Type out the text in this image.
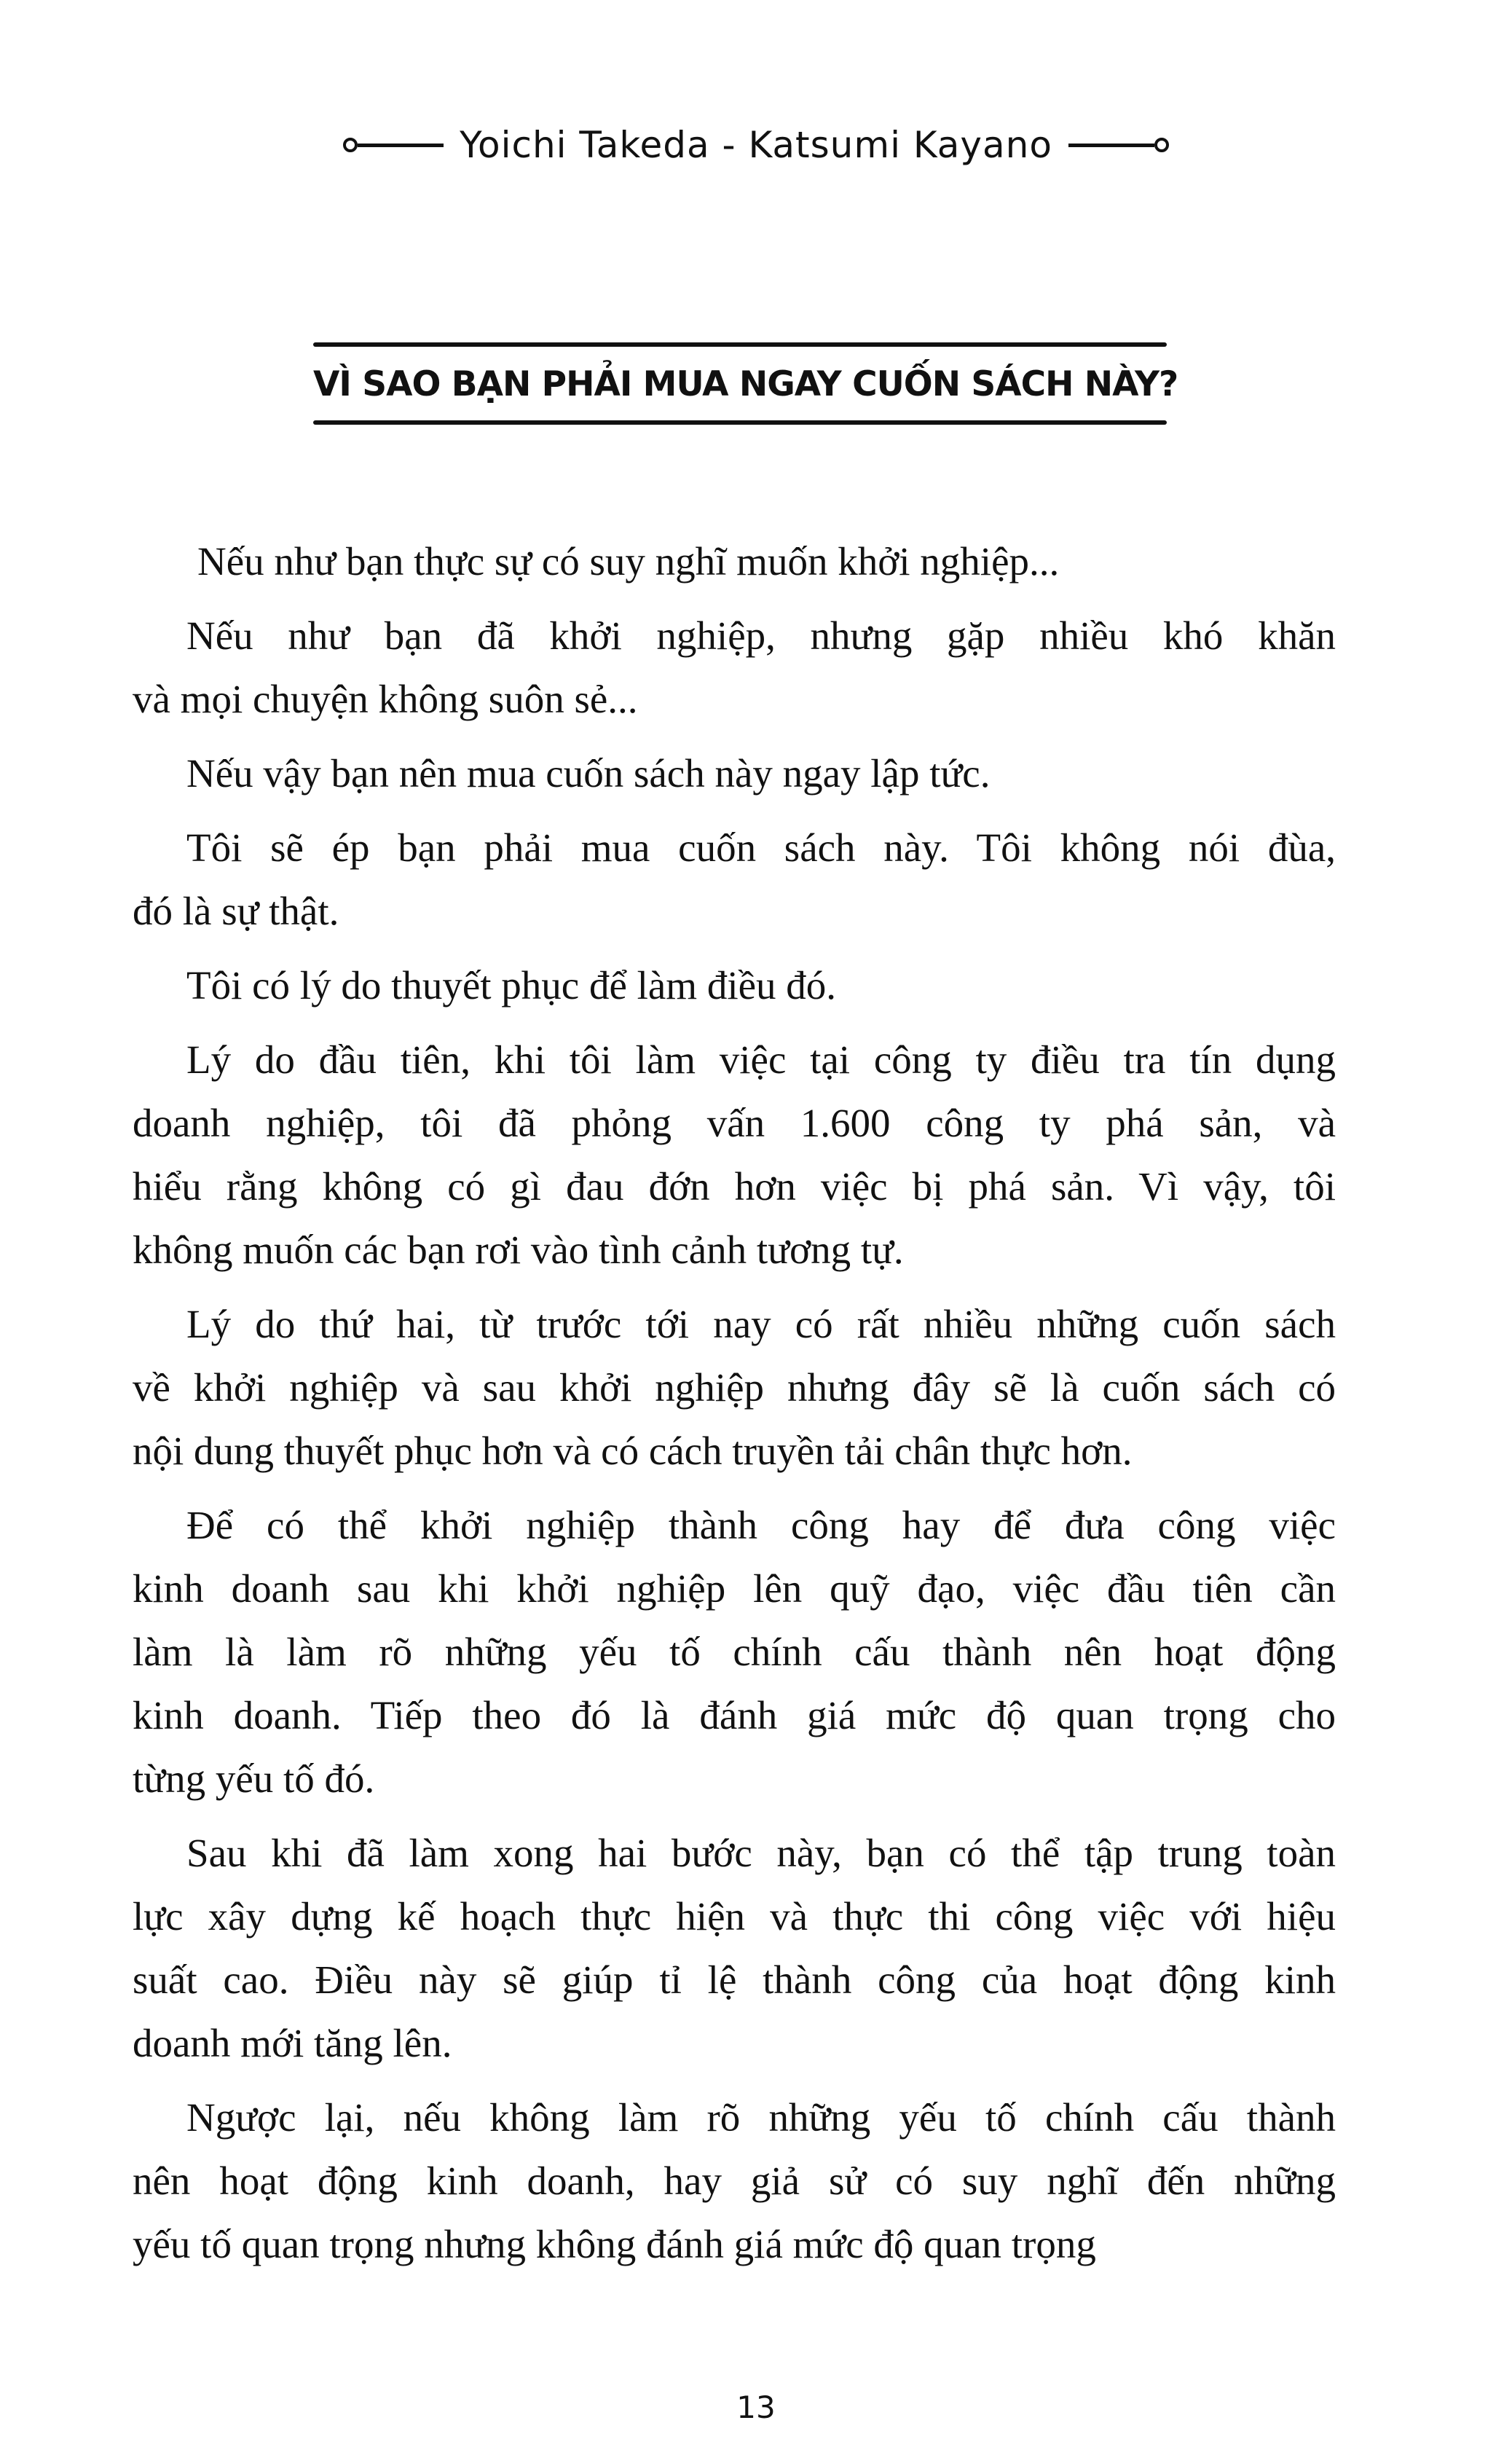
Yoichi Takeda - Katsumi Kayano
VÌ SAO BẠN PHẢI MUA NGAY CUỐN SÁCH NÀY?
Nếu như bạn thực sự có suy nghĩ muốn khởi nghiệp...
Nếu như bạn đã khởi nghiệp, nhưng gặp nhiều khó khăn
và mọi chuyện không suôn sẻ...
Nếu vậy bạn nên mua cuốn sách này ngay lập tức.
Tôi sẽ ép bạn phải mua cuốn sách này. Tôi không nói đùa,
đó là sự thật.
Tôi có lý do thuyết phục để làm điều đó.
Lý do đầu tiên, khi tôi làm việc tại công ty điều tra tín dụng
doanh nghiệp, tôi đã phỏng vấn 1.600 công ty phá sản, và
hiểu rằng không có gì đau đớn hơn việc bị phá sản. Vì vậy, tôi
không muốn các bạn rơi vào tình cảnh tương tự.
Lý do thứ hai, từ trước tới nay có rất nhiều những cuốn sách
về khởi nghiệp và sau khởi nghiệp nhưng đây sẽ là cuốn sách có
nội dung thuyết phục hơn và có cách truyền tải chân thực hơn.
Để có thể khởi nghiệp thành công hay để đưa công việc
kinh doanh sau khi khởi nghiệp lên quỹ đạo, việc đầu tiên cần
làm là làm rõ những yếu tố chính cấu thành nên hoạt động
kinh doanh. Tiếp theo đó là đánh giá mức độ quan trọng cho
từng yếu tố đó.
Sau khi đã làm xong hai bước này, bạn có thể tập trung toàn
lực xây dựng kế hoạch thực hiện và thực thi công việc với hiệu
suất cao. Điều này sẽ giúp tỉ lệ thành công của hoạt động kinh
doanh mới tăng lên.
Ngược lại, nếu không làm rõ những yếu tố chính cấu thành
nên hoạt động kinh doanh, hay giả sử có suy nghĩ đến những
yếu tố quan trọng nhưng không đánh giá mức độ quan trọng
13
